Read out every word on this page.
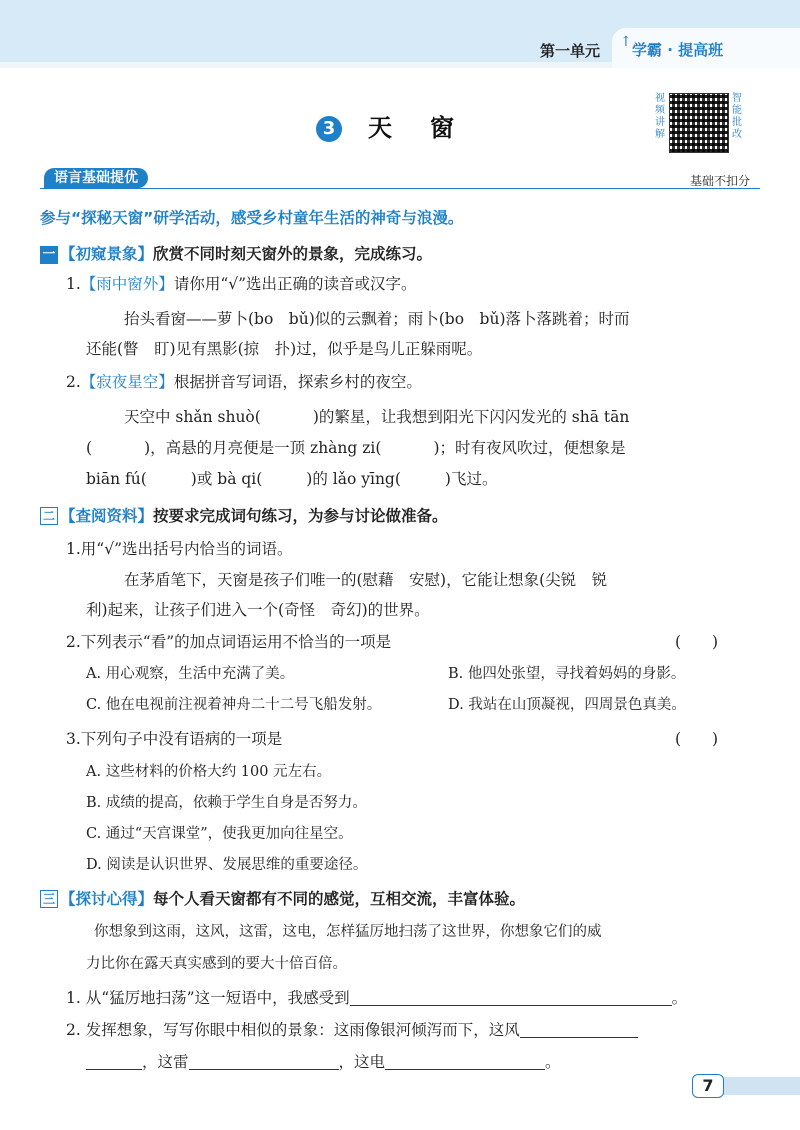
第一单元 ↑ 学霸 · 提高班
3 天窗
视频讲解
智能批改
语言基础提优	基础不扣分
参与“探秘天窗”研学活动，感受乡村童年生活的神奇与浪漫。
一 【初窥景象】欣赏不同时刻天窗外的景象，完成练习。
1.【雨中窗外】请你用“√”选出正确的读音或汉字。
抬头看窗——萝卜(bo　bǔ)似的云飘着；雨卜(bo　bǔ)落卜落跳着；时而
还能(瞥　盯)见有黑影(掠　扑)过，似乎是鸟儿正躲雨呢。
2.【寂夜星空】根据拼音写词语，探索乡村的夜空。
天空中 shǎn shuò(	)的繁星，让我想到阳光下闪闪发光的 shā tān
(	)，高悬的月亮便是一顶 zhàng zi(	)；时有夜风吹过，便想象是
biān fú(	)或 bà qi(	)的 lǎo yīng(	)飞过。
二 【查阅资料】按要求完成词句练习，为参与讨论做准备。
1.用“√”选出括号内恰当的词语。
在茅盾笔下，天窗是孩子们唯一的(慰藉　安慰)，它能让想象(尖锐　锐
利)起来，让孩子们进入一个(奇怪　奇幻)的世界。
2.下列表示“看”的加点词语运用不恰当的一项是	(　　)
A. 用心观察，生活中充满了美。	B. 他四处张望，寻找着妈妈的身影。
C. 他在电视前注视着神舟二十二号飞船发射。	D. 我站在山顶凝视，四周景色真美。
3.下列句子中没有语病的一项是	(　　)
A. 这些材料的价格大约 100 元左右。
B. 成绩的提高，依赖于学生自身是否努力。
C. 通过“天宫课堂”，使我更加向往星空。
D. 阅读是认识世界、发展思维的重要途径。
三 【探讨心得】每个人看天窗都有不同的感觉，互相交流，丰富体验。
你想象到这雨，这风，这雷，这电，怎样猛厉地扫荡了这世界，你想象它们的威
力比你在露天真实感到的要大十倍百倍。
1. 从“猛厉地扫荡”这一短语中，我感受到	。
2. 发挥想象，写写你眼中相似的景象：这雨像银河倾泻而下，这风
，这雷	，这电	。
7
